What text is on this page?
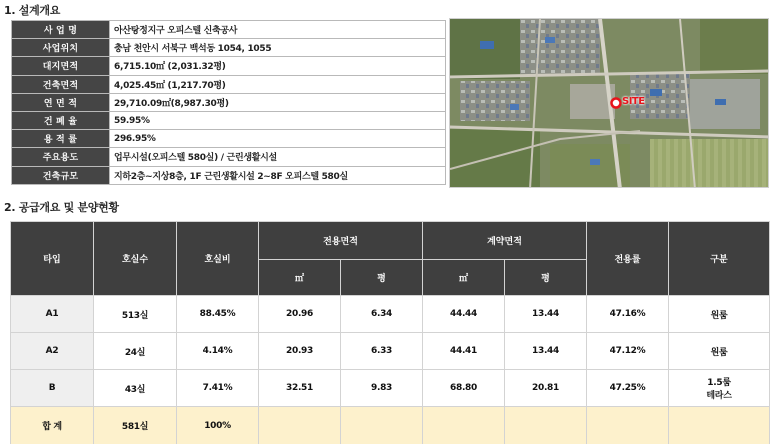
1. 설계개요
사 업 명	아산탕정지구 오피스텔 신축공사
사업위치	충남 천안시 서북구 백석동 1054, 1055
대지면적	6,715.10㎡ (2,031.32평)
건축면적	4,025.45㎡ (1,217.70평)
연 면 적	29,710.09㎡(8,987.30평)
건 폐 율	59.95%
용 적 률	296.95%
주요용도	업무시설(오피스텔 580실) / 근린생활시설
건축규모	지하2층~지상8층, 1F 근린생활시설 2~8F 오피스텔 580실
SITE
2. 공급개요 및 분양현황
타입	호실수	호실비	전용면적		계약면적		전용률	구분
			㎡	평	㎡	평		
A1	513실	88.45%	20.96	6.34	44.44	13.44	47.16%	원룸

A2	24실	4.14%	20.93	6.33	44.41	13.44	47.12%	원룸

B	43실	7.41%	32.51	9.83	68.80	20.81	47.25%	1.5룸
테라스

합 계	581실	100%						
